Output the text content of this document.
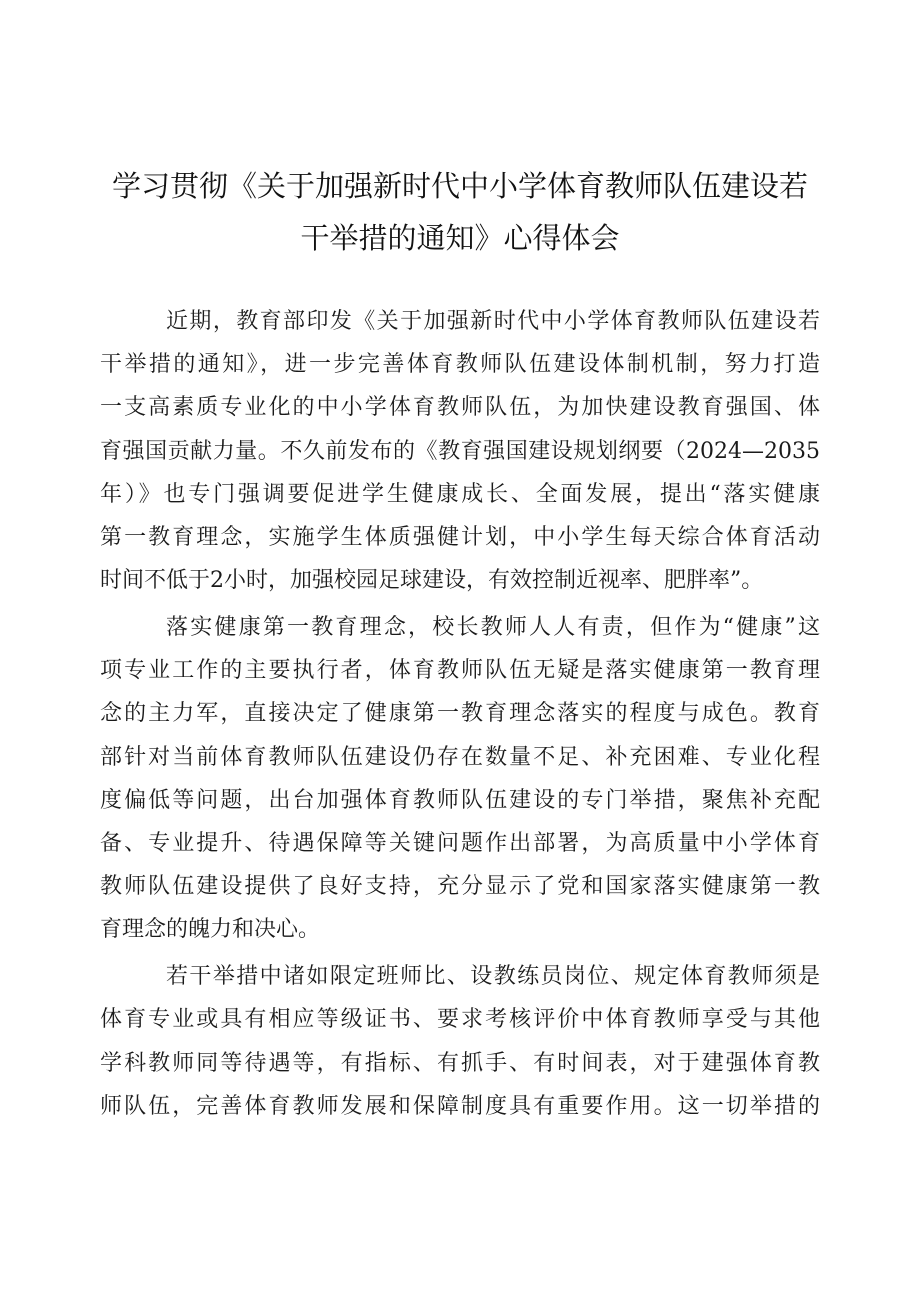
学习贯彻《关于加强新时代中小学体育教师队伍建设若
干举措的通知》心得体会
近期，教育部印发《关于加强新时代中小学体育教师队伍建设若
干举措的通知》，进一步完善体育教师队伍建设体制机制，努力打造
一支高素质专业化的中小学体育教师队伍，为加快建设教育强国、体
育强国贡献力量。不久前发布的《教育强国建设规划纲要（2024—2035
年）》也专门强调要促进学生健康成长、全面发展，提出“落实健康
第一教育理念，实施学生体质强健计划，中小学生每天综合体育活动
时间不低于2小时，加强校园足球建设，有效控制近视率、肥胖率”。
落实健康第一教育理念，校长教师人人有责，但作为“健康”这
项专业工作的主要执行者，体育教师队伍无疑是落实健康第一教育理
念的主力军，直接决定了健康第一教育理念落实的程度与成色。教育
部针对当前体育教师队伍建设仍存在数量不足、补充困难、专业化程
度偏低等问题，出台加强体育教师队伍建设的专门举措，聚焦补充配
备、专业提升、待遇保障等关键问题作出部署，为高质量中小学体育
教师队伍建设提供了良好支持，充分显示了党和国家落实健康第一教
育理念的魄力和决心。
若干举措中诸如限定班师比、设教练员岗位、规定体育教师须是
体育专业或具有相应等级证书、要求考核评价中体育教师享受与其他
学科教师同等待遇等，有指标、有抓手、有时间表，对于建强体育教
师队伍，完善体育教师发展和保障制度具有重要作用。这一切举措的
